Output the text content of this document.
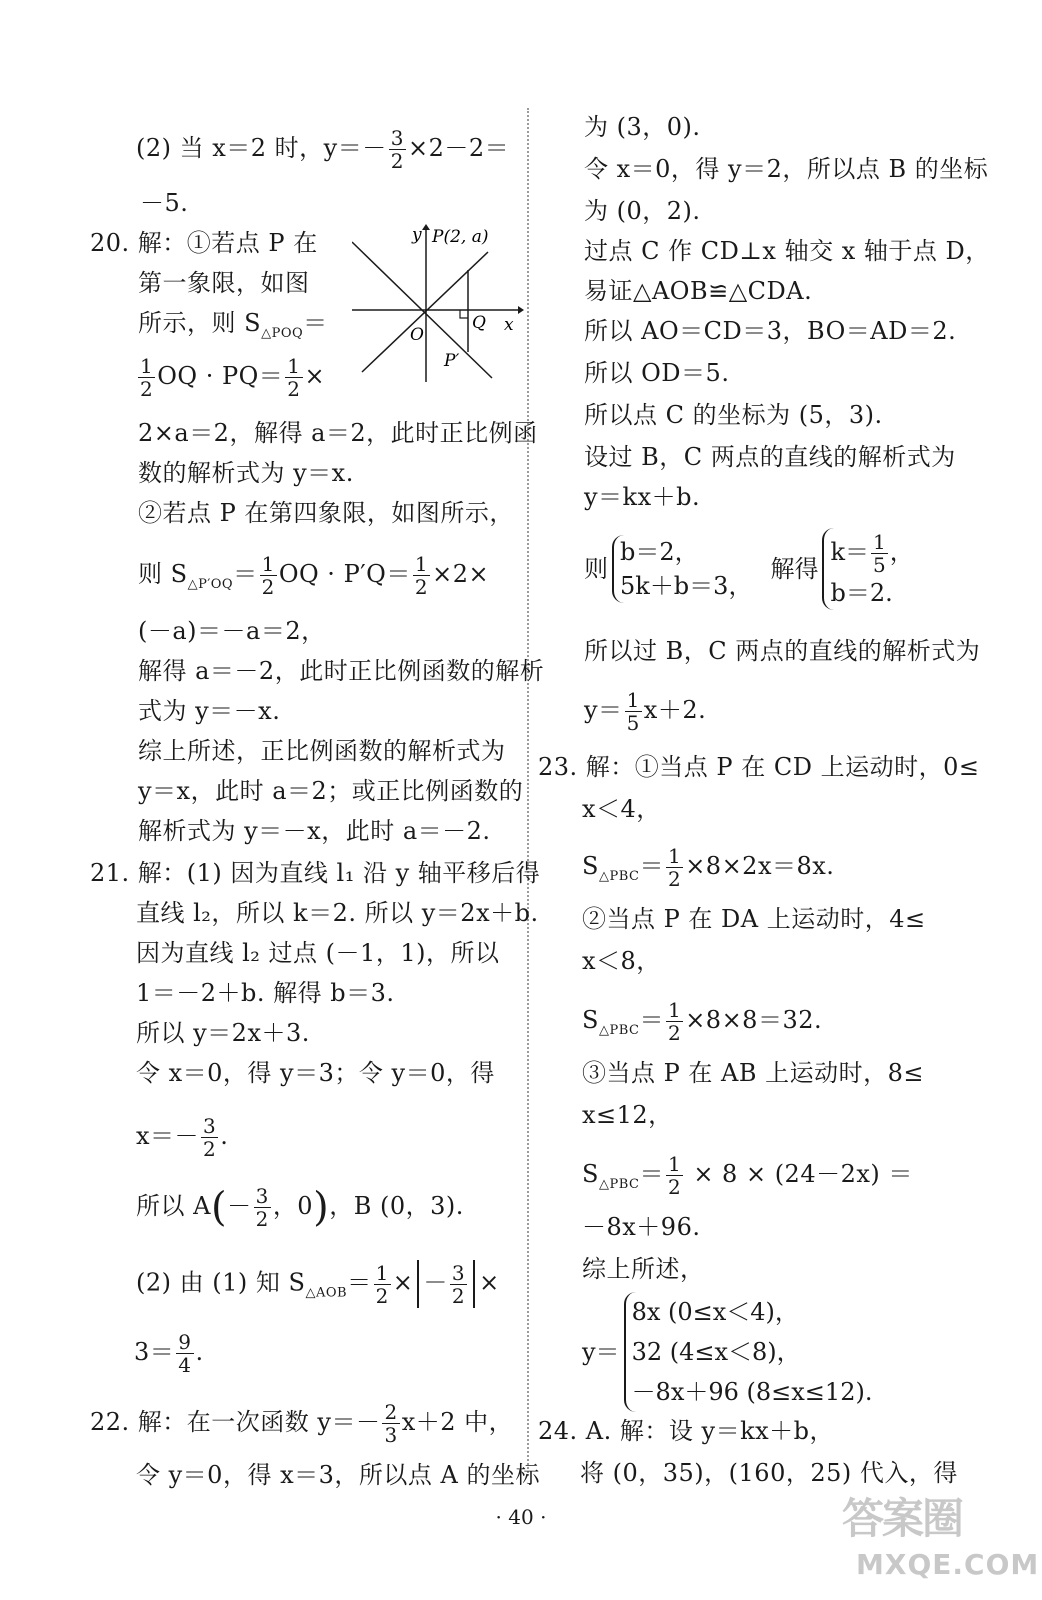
(2) 当 x＝2 时，$y=- \frac{3}{2} \times 2-2=$
－5.
20. 解：①若点 P 在
第一象限，如图
所示，则 $S_{\triangle POQ}=$
$\frac{1}{2}$ OQ · $PQ= \frac{1}{2}$ ×
y P(2, a)
x
O
Q
P′
2×a＝2，解得 a＝2，此时正比例函
数的解析式为 y＝x.
②若点 P 在第四象限，如图所示，
则 $S_{\triangle P'OQ}= \frac{1}{2}$ OQ · $P'Q= \frac{1}{2} \times 2\times$
(－a)＝－a＝2，
解得 a＝－2，此时正比例函数的解析
式为 y＝－x.
综上所述，正比例函数的解析式为
y＝x，此时 a＝2；或正比例函数的
解析式为 y＝－x，此时 a＝－2.
21. 解：(1) 因为直线 l₁ 沿 y 轴平移后得
直线 l₂，所以 k＝2. 所以 y＝2x＋b.
因为直线 l₂ 过点 (－1，1)，所以
1＝－2＋b. 解得 b＝3.
所以 y＝2x＋3.
令 x＝0，得 y＝3；令 y＝0，得
$x=- \frac{3}{2}$ .
所以 $A(- \frac{3}{2}$ ，0)，B (0，3).
(2) 由 (1) 知 $S_{\triangle AOB}= \frac{1}{2}$ × － $\frac{3}{2}$ ×
$3= \frac{9}{4}$ .
22. 解：在一次函数 $y=- \frac{2}{3} x+2$ 中，
令 y＝0，得 x＝3，所以点 A 的坐标
为 (3，0).
令 x＝0，得 y＝2，所以点 B 的坐标
为 (0，2).
过点 C 作 CD⊥x 轴交 x 轴于点 D，
易证△AOB≌△CDA.
所以 AO＝CD＝3，BO＝AD＝2.
所以 OD＝5.
所以点 C 的坐标为 (5，3).
设过 B，C 两点的直线的解析式为
y＝kx＋b.
则
b＝2，
5k＋b＝3，
解得
$k= \frac{1}{5}$ ，
b＝2.
所以过 B，C 两点的直线的解析式为
$y= \frac{1}{5} x+2$.
23. 解：①当点 P 在 CD 上运动时，0≤
x＜4，
$S_{\triangle PBC}= \frac{1}{2} \times 8\times 2x=8x$.
②当点 P 在 DA 上运动时，4≤
x＜8，
$S_{\triangle PBC}= \frac{1}{2} \times 8\times 8=32$.
③当点 P 在 AB 上运动时，8≤
x≤12，
$S_{\triangle PBC}= \frac{1}{2} \times 8 \times (24-2x)$ ＝
－8x＋96.
综上所述，
y＝
8x (0≤x＜4)，
32 (4≤x＜8)，
－8x＋96 (8≤x≤12).
24. A. 解：设 y＝kx＋b，
将 (0，35)，(160，25) 代入，得
· 40 ·	答案圈
MXQE.COM
